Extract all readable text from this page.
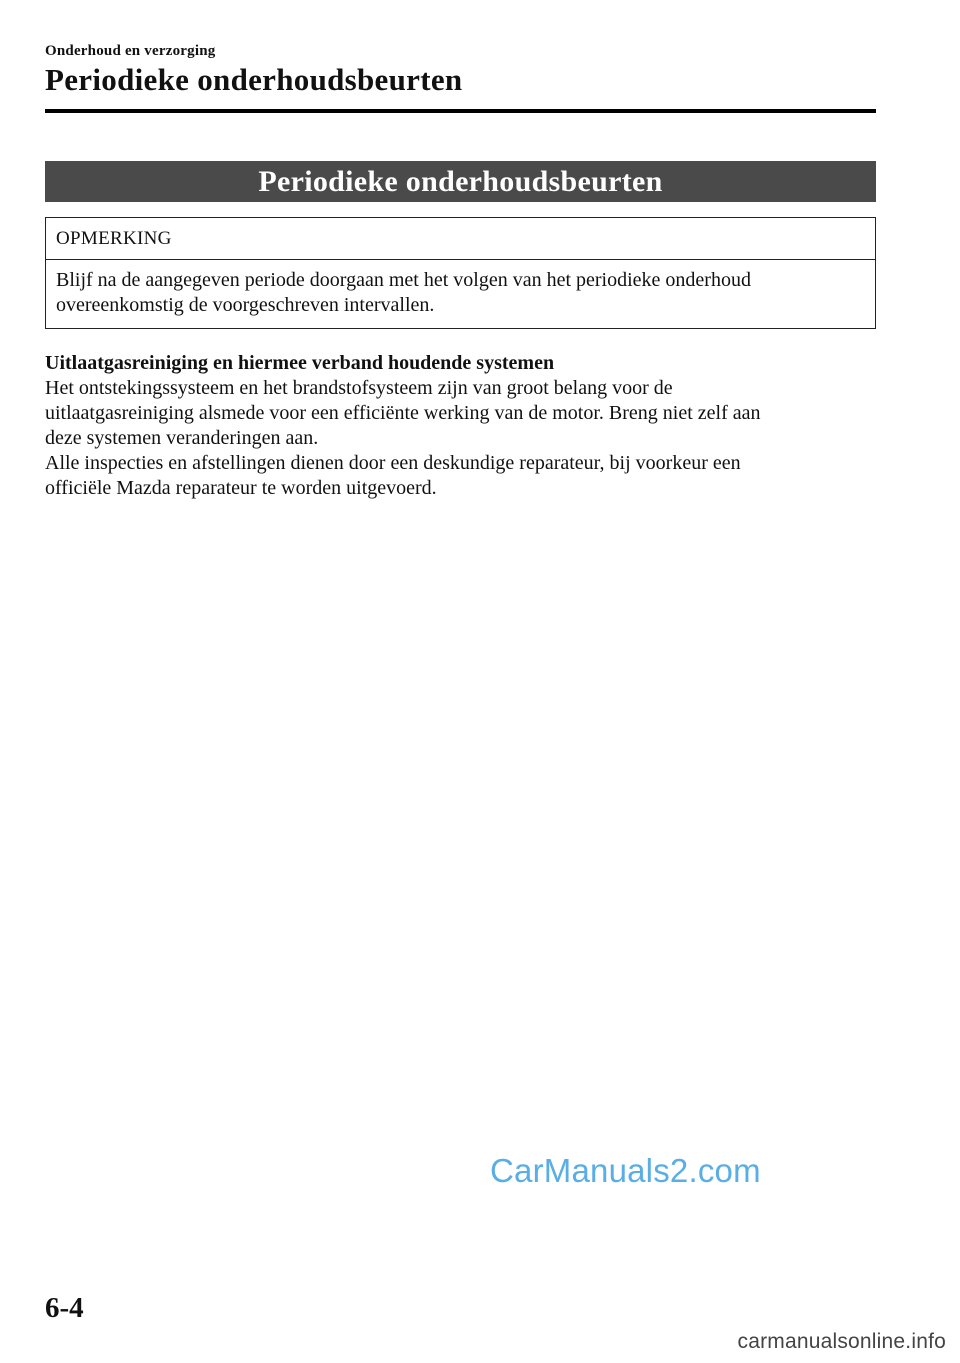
Onderhoud en verzorging
Periodieke onderhoudsbeurten
Periodieke onderhoudsbeurten
OPMERKING
Blijf na de aangegeven periode doorgaan met het volgen van het periodieke onderhoud
overeenkomstig de voorgeschreven intervallen.
Uitlaatgasreiniging en hiermee verband houdende systemen
Het ontstekingssysteem en het brandstofsysteem zijn van groot belang voor de
uitlaatgasreiniging alsmede voor een efficiënte werking van de motor. Breng niet zelf aan
deze systemen veranderingen aan.
Alle inspecties en afstellingen dienen door een deskundige reparateur, bij voorkeur een
officiële Mazda reparateur te worden uitgevoerd.
CarManuals2.com
6-4
carmanualsonline.info
